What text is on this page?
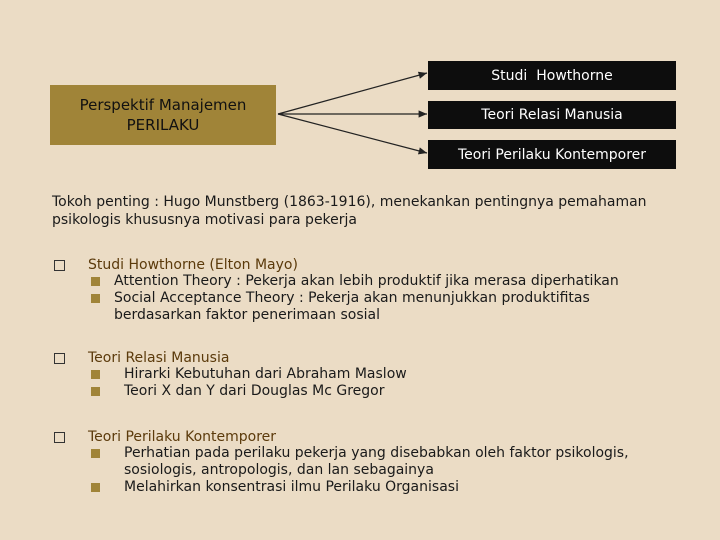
Perspektif Manajemen
PERILAKU
Studi  Howthorne
Teori Relasi Manusia
Teori Perilaku Kontemporer
Tokoh penting : Hugo Munstberg (1863-1916), menekankan pentingnya pemahaman psikologis khususnya motivasi para pekerja
Studi Howthorne (Elton Mayo)
Attention Theory : Pekerja akan lebih produktif jika merasa diperhatikan
Social Acceptance Theory : Pekerja akan menunjukkan produktifitas
berdasarkan faktor penerimaan sosial
Teori Relasi Manusia
Hirarki Kebutuhan dari Abraham Maslow
Teori X dan Y dari Douglas Mc Gregor
Teori Perilaku Kontemporer
Perhatian pada perilaku pekerja yang disebabkan oleh faktor psikologis,
sosiologis, antropologis, dan lan sebagainya
Melahirkan konsentrasi ilmu Perilaku Organisasi
